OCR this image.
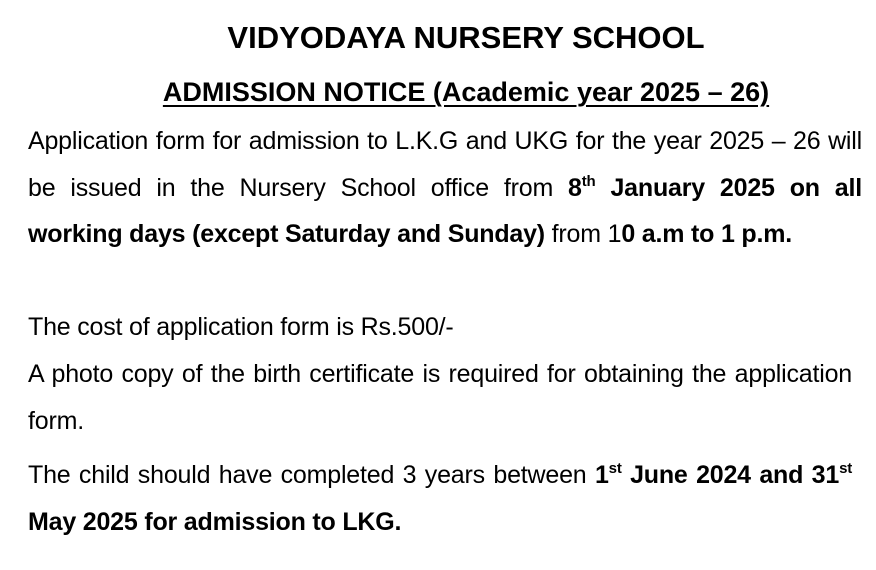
VIDYODAYA NURSERY SCHOOL
ADMISSION NOTICE (Academic year 2025 – 26)
Application form for admission to L.K.G and UKG for the year 2025 – 26 will be issued in the Nursery School office from 8th January 2025 on all working days (except Saturday and Sunday) from 10 a.m to 1 p.m.
The cost of application form is Rs.500/-
A photo copy of the birth certificate is required for obtaining the application form.
The child should have completed 3 years between 1st June 2024 and 31st May 2025 for admission to LKG.
